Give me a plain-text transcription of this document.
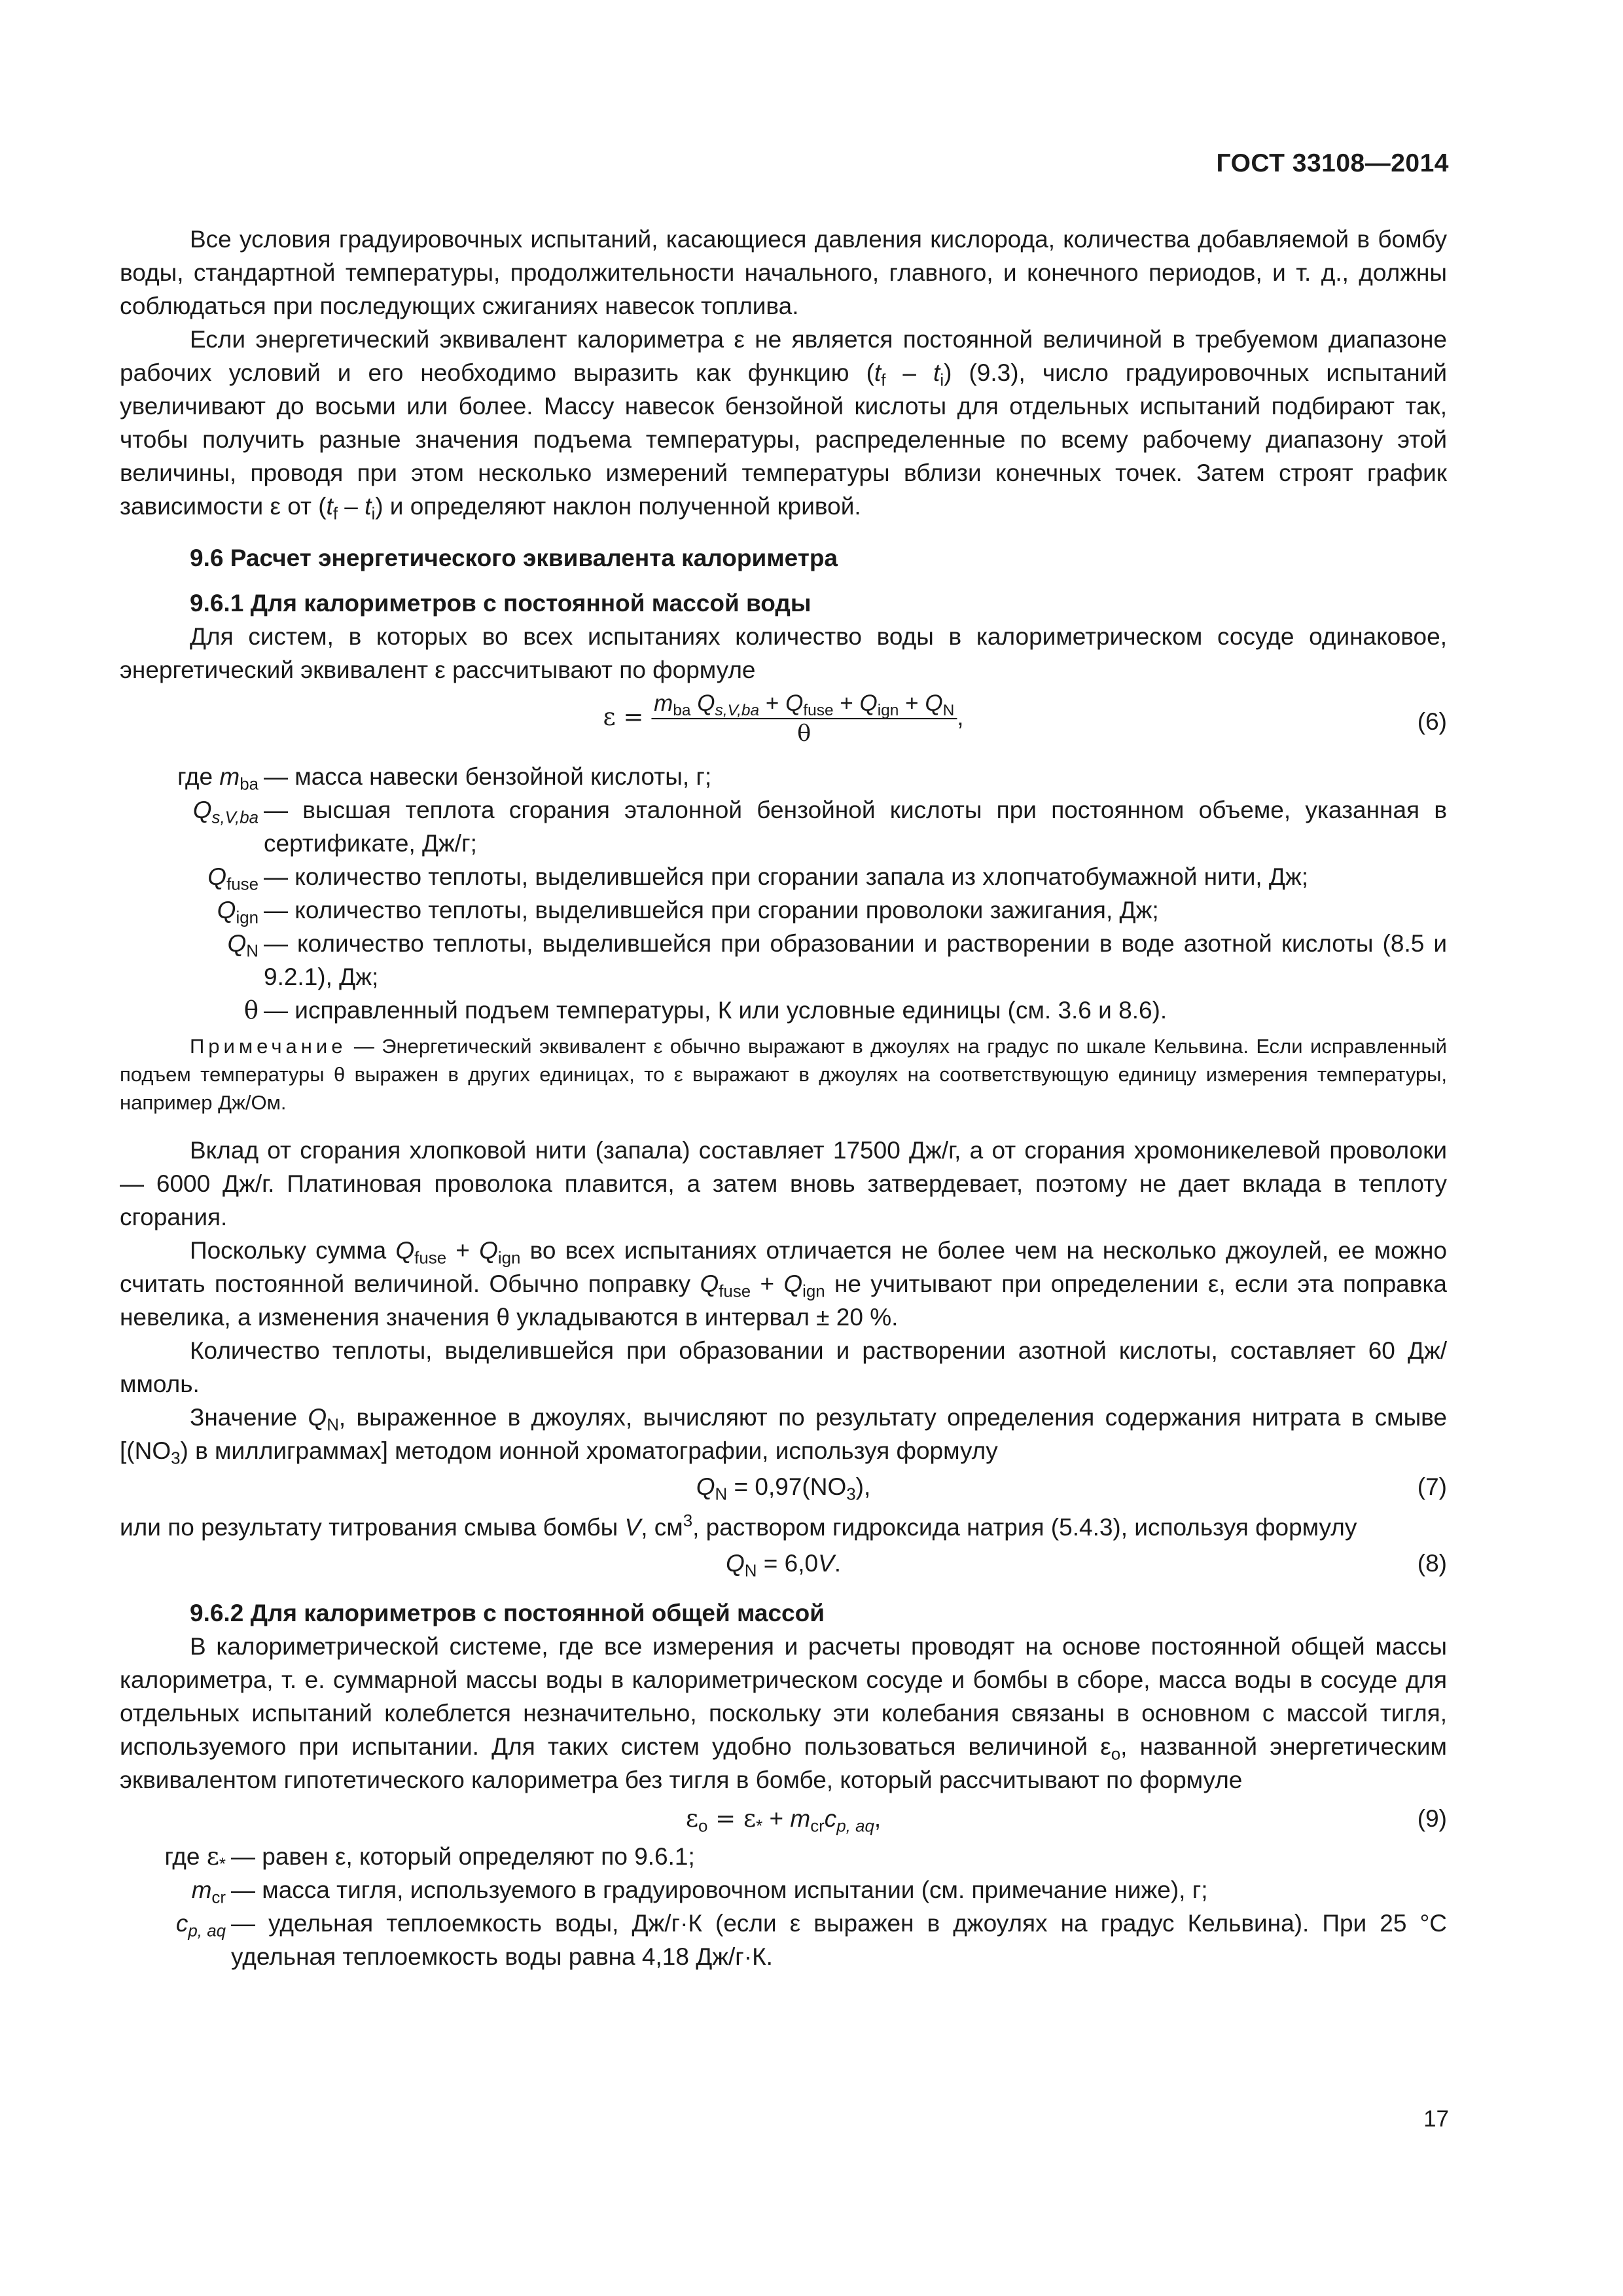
ГОСТ 33108—2014

Все условия градуировочных испытаний, касающиеся давления кислорода, количества добавляемой в бомбу воды, стандартной температуры, продолжительности начального, главного, и конечного периодов, и т. д., должны соблюдаться при последующих сжиганиях навесок топлива.

Если энергетический эквивалент калориметра ε не является постоянной величиной в требуемом диапазоне рабочих условий и его необходимо выразить как функцию $(t_f - t_i)$ (9.3), число градуировочных испытаний увеличивают до восьми или более. Массу навесок бензойной кислоты для отдельных испытаний подбирают так, чтобы получить разные значения подъема температуры, распределенные по всему рабочему диапазону этой величины, проводя при этом несколько измерений температуры вблизи конечных точек. Затем строят график зависимости ε от $(t_f - t_i)$ и определяют наклон полученной кривой.

9.6 Расчет энергетического эквивалента калориметра

9.6.1 Для калориметров с постоянной массой воды

Для систем, в которых во всех испытаниях количество воды в калориметрическом сосуде одинаковое, энергетический эквивалент ε рассчитывают по формуле

$\varepsilon = \frac{m_{ba} Q_{s,V,ba} + Q_{fuse} + Q_{ign} + Q_N}{\theta}$ ,	(6)
где $m_{ba}$ — масса навески бензойной кислоты, г;
$Q_{s,V,ba}$ — высшая теплота сгорания эталонной бензойной кислоты при постоянном объеме, указанная в сертификате, Дж/г;
$Q_{fuse}$ — количество теплоты, выделившейся при сгорании запала из хлопчатобумажной нити, Дж;
$Q_{ign}$ — количество теплоты, выделившейся при сгорании проволоки зажигания, Дж;
$Q_N$ — количество теплоты, выделившейся при образовании и растворении в воде азотной кислоты (8.5 и 9.2.1), Дж;
θ — исправленный подъем температуры, К или условные единицы (см. 3.6 и 8.6).

Примечание — Энергетический эквивалент ε обычно выражают в джоулях на градус по шкале Кельвина. Если исправленный подъем температуры θ выражен в других единицах, то ε выражают в джоулях на соответствующую единицу измерения температуры, например Дж/Ом.

Вклад от сгорания хлопковой нити (запала) составляет 17500 Дж/г, а от сгорания хромоникелевой проволоки — 6000 Дж/г. Платиновая проволока плавится, а затем вновь затвердевает, поэтому не дает вклада в теплоту сгорания.

Поскольку сумма $Q_{fuse} + Q_{ign}$ во всех испытаниях отличается не более чем на несколько джоулей, ее можно считать постоянной величиной. Обычно поправку $Q_{fuse} + Q_{ign}$ не учитывают при определении ε, если эта поправка невелика, а изменения значения θ укладываются в интервал ± 20 %.

Количество теплоты, выделившейся при образовании и растворении азотной кислоты, составляет 60 Дж/ммоль.

Значение $Q_N$, выраженное в джоулях, вычисляют по результату определения содержания нитрата в смыве [$(NO_3)$ в миллиграммах] методом ионной хроматографии, используя формулу

$Q_N = 0,97(NO_3)$,	(7)

или по результату титрования смыва бомбы V, $см^3$, раствором гидроксида натрия (5.4.3), используя формулу

$Q_N = 6,0V$.	(8)

9.6.2 Для калориметров с постоянной общей массой

В калориметрической системе, где все измерения и расчеты проводят на основе постоянной общей массы калориметра, т. е. суммарной массы воды в калориметрическом сосуде и бомбы в сборе, масса воды в сосуде для отдельных испытаний колеблется незначительно, поскольку эти колебания связаны в основном с массой тигля, используемого при испытании. Для таких систем удобно пользоваться величиной $\varepsilon_o$, названной энергетическим эквивалентом гипотетического калориметра без тигля в бомбе, который рассчитывают по формуле

$\varepsilon_o = \varepsilon_* + m_{cr}c_{p, aq}$,	(9)
где $\varepsilon_*$ — равен ε, который определяют по 9.6.1;
$m_{cr}$ — масса тигля, используемого в градуировочном испытании (см. примечание ниже), г;
$c_{p, aq}$ — удельная теплоемкость воды, Дж/г·К (если ε выражен в джоулях на градус Кельвина). При 25 °С удельная теплоемкость воды равна 4,18 Дж/г·К.
17
